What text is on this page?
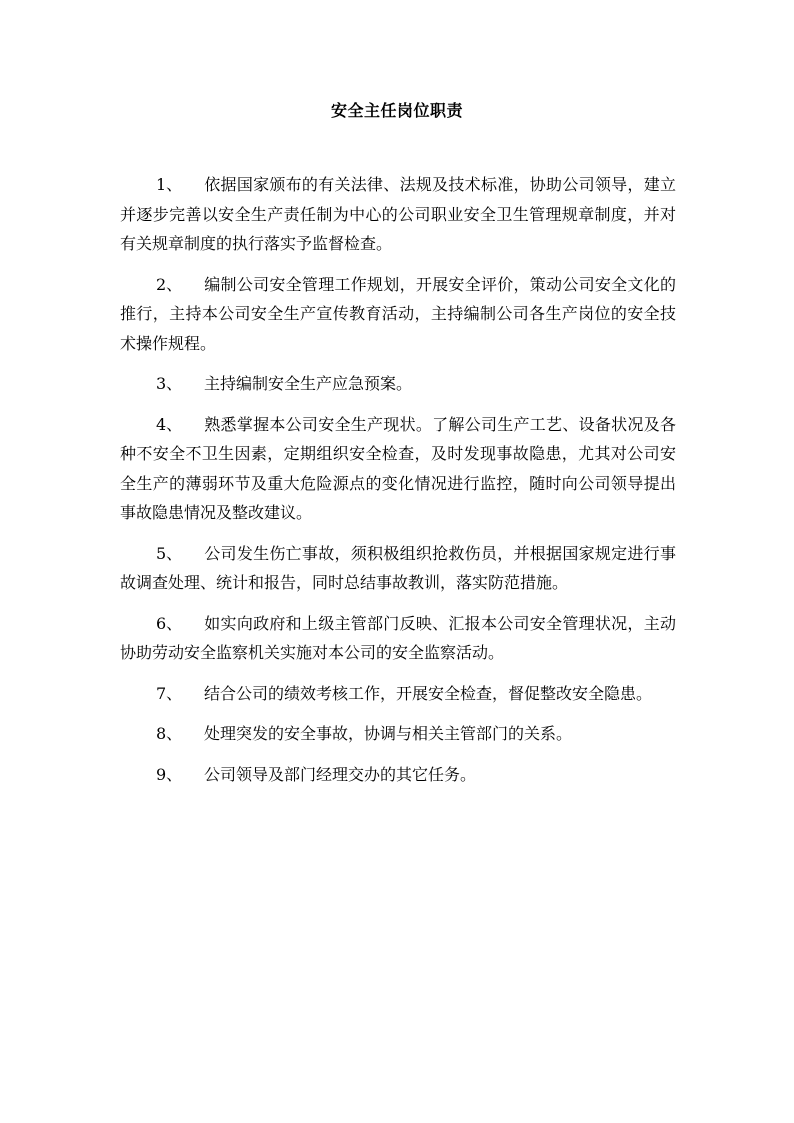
安全主任岗位职责

1、 依据国家颁布的有关法律、法规及技术标准，协助公司领导，建立并逐步完善以安全生产责任制为中心的公司职业安全卫生管理规章制度，并对有关规章制度的执行落实予监督检查。

2、 编制公司安全管理工作规划，开展安全评价，策动公司安全文化的推行，主持本公司安全生产宣传教育活动，主持编制公司各生产岗位的安全技术操作规程。

3、 主持编制安全生产应急预案。

4、 熟悉掌握本公司安全生产现状。了解公司生产工艺、设备状况及各种不安全不卫生因素，定期组织安全检查，及时发现事故隐患，尤其对公司安全生产的薄弱环节及重大危险源点的变化情况进行监控，随时向公司领导提出事故隐患情况及整改建议。

5、 公司发生伤亡事故，须积极组织抢救伤员，并根据国家规定进行事故调查处理、统计和报告，同时总结事故教训，落实防范措施。

6、 如实向政府和上级主管部门反映、汇报本公司安全管理状况，主动协助劳动安全监察机关实施对本公司的安全监察活动。

7、 结合公司的绩效考核工作，开展安全检查，督促整改安全隐患。

8、 处理突发的安全事故，协调与相关主管部门的关系。

9、 公司领导及部门经理交办的其它任务。
